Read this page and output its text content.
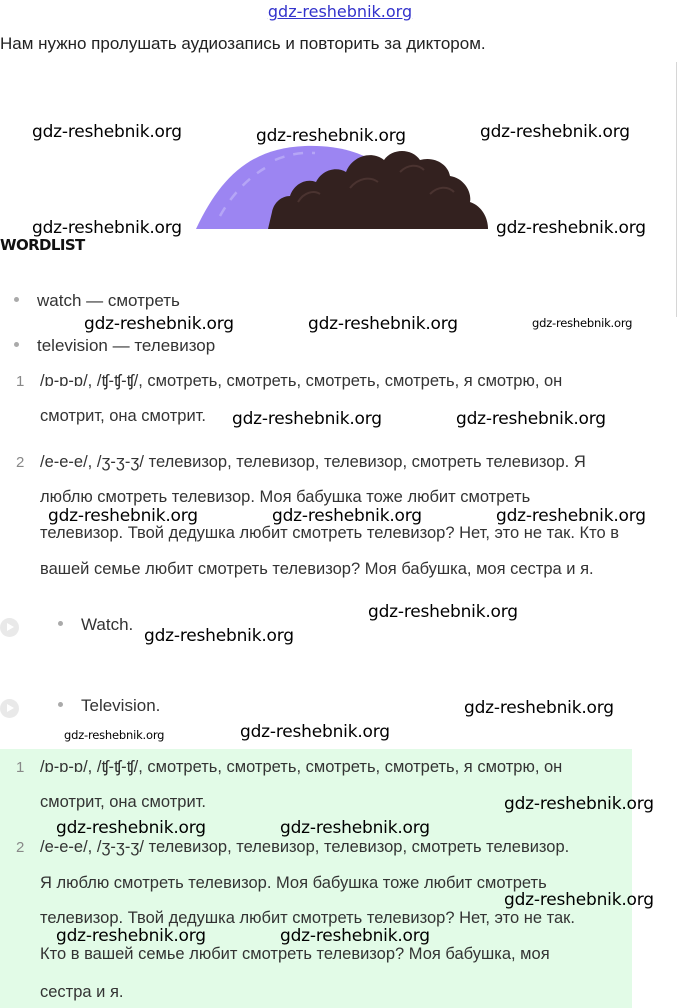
gdz-reshebnik.org
Нам нужно пролушать аудиозапись и повторить за диктором.
WORDLIST
watch — смотреть
television — телевизор
1 /ɒ-ɒ-ɒ/, /ʧ-ʧ-ʧ/, смотреть, смотреть, смотреть, смотреть, я смотрю, он
смотрит, она смотрит.
2 /e-e-e/, /ʒ-ʒ-ʒ/ телевизор, телевизор, телевизор, смотреть телевизор. Я
люблю смотреть телевизор. Моя бабушка тоже любит смотреть
телевизор. Твой дедушка любит смотреть телевизор? Нет, это не так. Кто в
вашей семье любит смотреть телевизор? Моя бабушка, моя сестра и я.
Watch.
Television.
1 /ɒ-ɒ-ɒ/, /ʧ-ʧ-ʧ/, смотреть, смотреть, смотреть, смотреть, я смотрю, он
смотрит, она смотрит.
2 /e-e-e/, /ʒ-ʒ-ʒ/ телевизор, телевизор, телевизор, смотреть телевизор.
Я люблю смотреть телевизор. Моя бабушка тоже любит смотреть
телевизор. Твой дедушка любит смотреть телевизор? Нет, это не так.
Кто в вашей семье любит смотреть телевизор? Моя бабушка, моя
сестра и я.
gdz-reshebnik.org	gdz-reshebnik.org	gdz-reshebnik.org
gdz-reshebnik.org	gdz-reshebnik.org
gdz-reshebnik.org	gdz-reshebnik.org	gdz-reshebnik.org
gdz-reshebnik.org	gdz-reshebnik.org
gdz-reshebnik.org	gdz-reshebnik.org	gdz-reshebnik.org
gdz-reshebnik.org
gdz-reshebnik.org
gdz-reshebnik.org
gdz-reshebnik.org	gdz-reshebnik.org
gdz-reshebnik.org
gdz-reshebnik.org	gdz-reshebnik.org
gdz-reshebnik.org
gdz-reshebnik.org	gdz-reshebnik.org
